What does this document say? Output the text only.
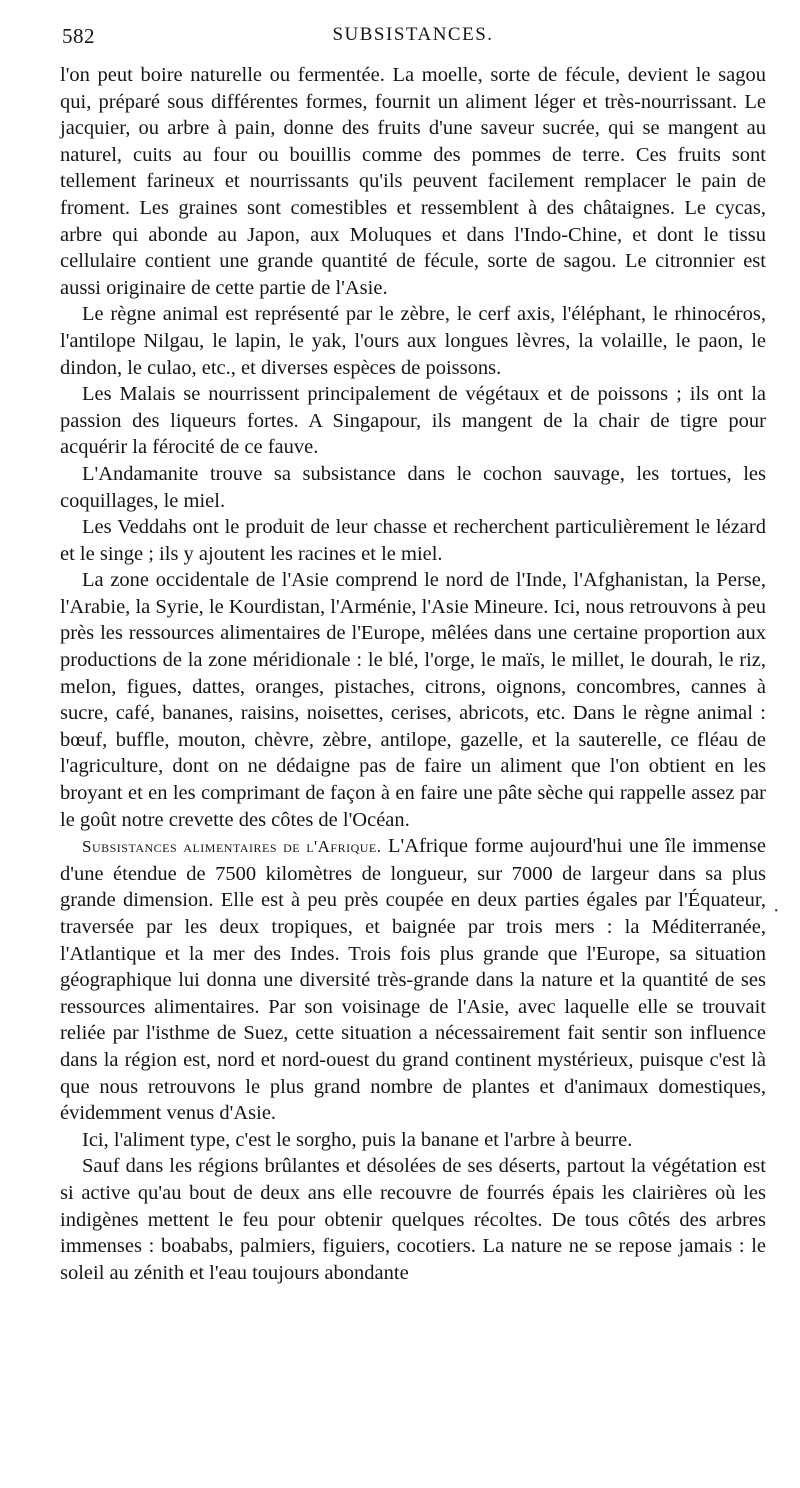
582	SUBSISTANCES.

l'on peut boire naturelle ou fermentée. La moelle, sorte de fécule, devient le sagou qui, préparé sous différentes formes, fournit un aliment léger et très-nourrissant. Le jacquier, ou arbre à pain, donne des fruits d'une saveur sucrée, qui se mangent au naturel, cuits au four ou bouillis comme des pommes de terre. Ces fruits sont tellement farineux et nourrissants qu'ils peuvent facilement remplacer le pain de froment. Les graines sont comestibles et ressemblent à des châtaignes. Le cycas, arbre qui abonde au Japon, aux Moluques et dans l'Indo-Chine, et dont le tissu cellulaire contient une grande quantité de fécule, sorte de sagou. Le citronnier est aussi originaire de cette partie de l'Asie.

Le règne animal est représenté par le zèbre, le cerf axis, l'éléphant, le rhinocéros, l'antilope Nilgau, le lapin, le yak, l'ours aux longues lèvres, la volaille, le paon, le dindon, le culao, etc., et diverses espèces de poissons.

Les Malais se nourrissent principalement de végétaux et de poissons ; ils ont la passion des liqueurs fortes. A Singapour, ils mangent de la chair de tigre pour acquérir la férocité de ce fauve.

L'Andamanite trouve sa subsistance dans le cochon sauvage, les tortues, les coquillages, le miel.

Les Veddahs ont le produit de leur chasse et recherchent particulièrement le lézard et le singe ; ils y ajoutent les racines et le miel.

La zone occidentale de l'Asie comprend le nord de l'Inde, l'Afghanistan, la Perse, l'Arabie, la Syrie, le Kourdistan, l'Arménie, l'Asie Mineure. Ici, nous retrouvons à peu près les ressources alimentaires de l'Europe, mêlées dans une certaine proportion aux productions de la zone méridionale : le blé, l'orge, le maïs, le millet, le dourah, le riz, melon, figues, dattes, oranges, pistaches, citrons, oignons, concombres, cannes à sucre, café, bananes, raisins, noisettes, cerises, abricots, etc. Dans le règne animal : bœuf, buffle, mouton, chèvre, zèbre, antilope, gazelle, et la sauterelle, ce fléau de l'agriculture, dont on ne dédaigne pas de faire un aliment que l'on obtient en les broyant et en les comprimant de façon à en faire une pâte sèche qui rappelle assez par le goût notre crevette des côtes de l'Océan.

Subsistances alimentaires de l'Afrique. L'Afrique forme aujourd'hui une île immense d'une étendue de 7500 kilomètres de longueur, sur 7000 de largeur dans sa plus grande dimension. Elle est à peu près coupée en deux parties égales par l'Équateur, traversée par les deux tropiques, et baignée par trois mers : la Méditerranée, l'Atlantique et la mer des Indes. Trois fois plus grande que l'Europe, sa situation géographique lui donna une diversité très-grande dans la nature et la quantité de ses ressources alimentaires. Par son voisinage de l'Asie, avec laquelle elle se trouvait reliée par l'isthme de Suez, cette situation a nécessairement fait sentir son influence dans la région est, nord et nord-ouest du grand continent mystérieux, puisque c'est là que nous retrouvons le plus grand nombre de plantes et d'animaux domestiques, évidemment venus d'Asie.

Ici, l'aliment type, c'est le sorgho, puis la banane et l'arbre à beurre.

Sauf dans les régions brûlantes et désolées de ses déserts, partout la végétation est si active qu'au bout de deux ans elle recouvre de fourrés épais les clairières où les indigènes mettent le feu pour obtenir quelques récoltes. De tous côtés des arbres immenses : boababs, palmiers, figuiers, cocotiers. La nature ne se repose jamais : le soleil au zénith et l'eau toujours abondante

•
